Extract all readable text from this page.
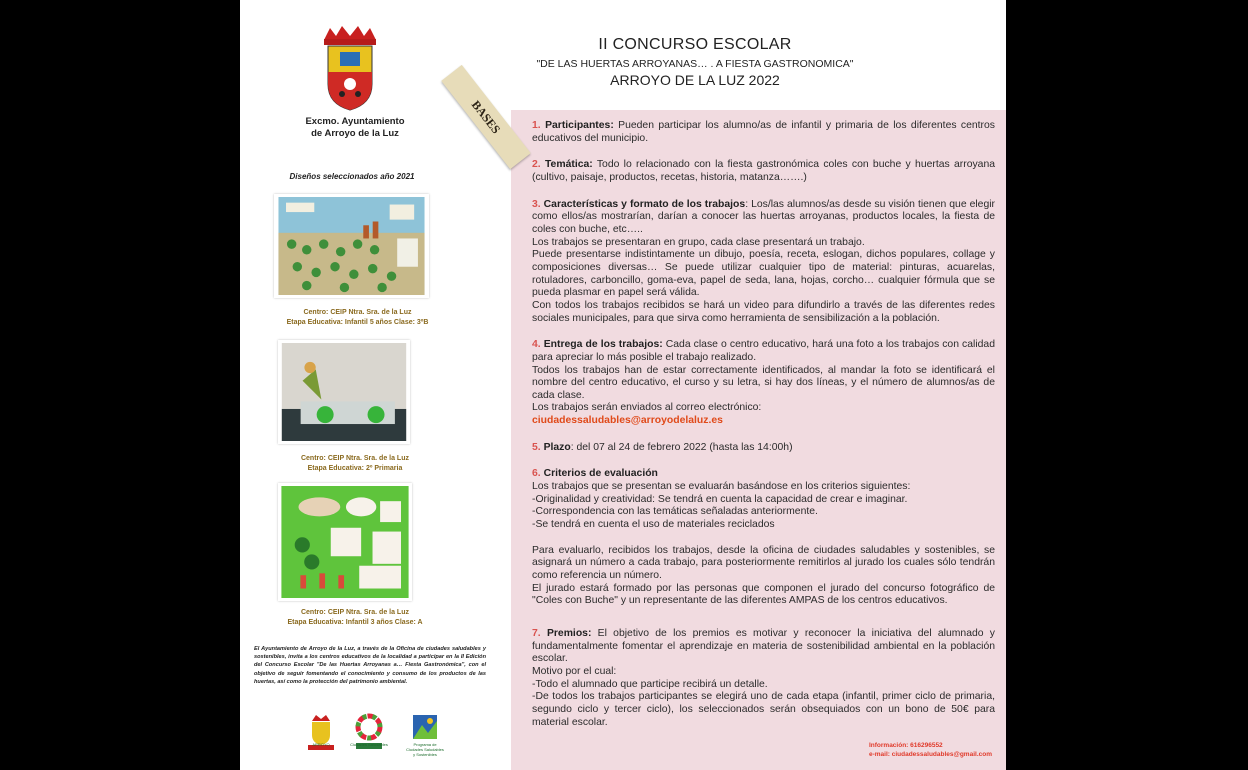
Excmo. Ayuntamiento
de Arroyo de la Luz
Diseños seleccionados año 2021
Centro: CEIP Ntra. Sra. de la Luz
Etapa Educativa: Infantil 5 años Clase: 3ºB
Centro: CEIP Ntra. Sra. de la Luz
Etapa Educativa: 2º Primaria
Centro: CEIP Ntra. Sra. de la Luz
Etapa Educativa: Infantil 3 años Clase: A
El Ayuntamiento de Arroyo de la Luz, a través de la Oficina de ciudades saludables y sostenibles, invita a los centros educativos de la localidad a participar en la II Edición del Concurso Escolar "De las Huertas Arroyanas a… Fiesta Gastronómica", con el objetivo de seguir fomentando el conocimiento y consumo de los productos de las huertas, así como la protección del patrimonio ambiental.
ARROYO	Ciudades Saludables	Programa de Ciudades Saludables y Sostenibles
II CONCURSO ESCOLAR
"DE LAS HUERTAS ARROYANAS… . A FIESTA GASTRONOMICA"
ARROYO DE LA LUZ 2022
BASES	1. Participantes: Pueden participar los alumno/as de infantil y primaria de los diferentes centros educativos del municipio.
2. Temática: Todo lo relacionado con la fiesta gastronómica coles con buche y huertas arroyana (cultivo, paisaje, productos, recetas, historia, matanza…….)

3. Características y formato de los trabajos: Los/las alumnos/as desde su visión tienen que elegir como ellos/as mostrarían, darían a conocer las huertas arroyanas, productos locales, la fiesta de coles con buche, etc…..

Los trabajos se presentaran en grupo, cada clase presentará un trabajo.

Puede presentarse indistintamente un dibujo, poesía, receta, eslogan, dichos populares, collage y composiciones diversas… Se puede utilizar cualquier tipo de material: pinturas, acuarelas, rotuladores, carboncillo, goma-eva, papel de seda, lana, hojas, corcho… cualquier fórmula que se pueda plasmar en papel será válida.

Con todos los trabajos recibidos se hará un video para difundirlo a través de las diferentes redes sociales municipales, para que sirva como herramienta de sensibilización a la población.

4. Entrega de los trabajos: Cada clase o centro educativo, hará una foto a los trabajos con calidad para apreciar lo más posible el trabajo realizado.

Todos los trabajos han de estar correctamente identificados, al mandar la foto se identificará el nombre del centro educativo, el curso y su letra, si hay dos líneas, y el número de alumnos/as de cada clase.

Los trabajos serán enviados al correo electrónico:

ciudadessaludables@arroyodelaluz.es

5. Plazo: del 07 al 24 de febrero 2022 (hasta las 14:00h)

6. Criterios de evaluación

Los trabajos que se presentan se evaluarán basándose en los criterios siguientes:

-Originalidad y creatividad: Se tendrá en cuenta la capacidad de crear e imaginar.

-Correspondencia con las temáticas señaladas anteriormente.

-Se tendrá en cuenta el uso de materiales reciclados

Para evaluarlo, recibidos los trabajos, desde la oficina de ciudades saludables y sostenibles, se asignará un número a cada trabajo, para posteriormente remitirlos al jurado los cuales sólo tendrán como referencia un número.

El jurado estará formado por las personas que componen el jurado del concurso fotográfico de "Coles con Buche" y un representante de las diferentes AMPAS de los centros educativos.

7. Premios: El objetivo de los premios es motivar y reconocer la iniciativa del alumnado y fundamentalmente fomentar el aprendizaje en materia de sostenibilidad ambiental en la población escolar.

Motivo por el cual:

-Todo el alumnado que participe recibirá un detalle.

-De todos los trabajos participantes se elegirá uno de cada etapa (infantil, primer ciclo de primaria, segundo ciclo y tercer ciclo), los seleccionados serán obsequiados con un bono de 50€ para material escolar.

Información: 616296552
e-mail: ciudadessaludables@gmail.com
